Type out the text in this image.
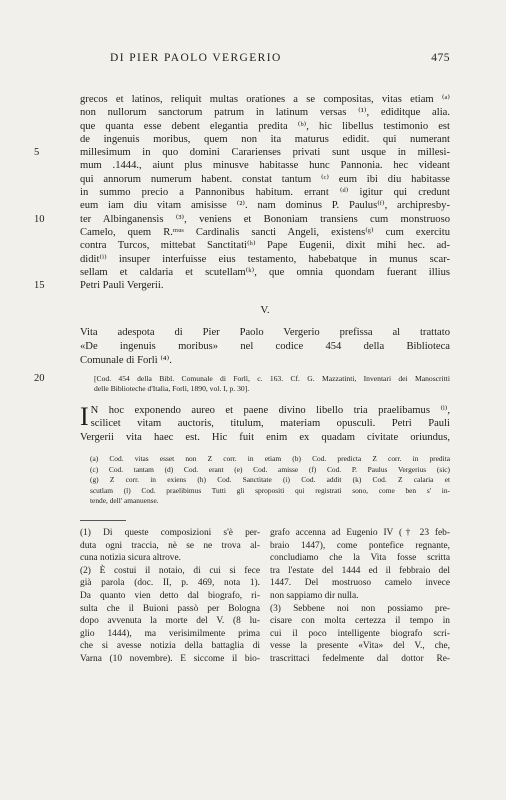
DI PIER PAOLO VERGERIO	475
grecos et latinos, reliquit multas orationes a se compositas, vitas etiam ⁽ᵃ⁾
non nullorum sanctorum patrum in latinum versas ⁽¹⁾, ediditque alia.
que quanta esse debent elegantia predita ⁽ᵇ⁾, hic libellus testimonio est
de ingenuis moribus, quem non ita maturus edidit. qui numerant
millesimum in quo domini Cararienses privati sunt usque in millesi-
5
mum .1444., aiunt plus minusve habitasse hunc Pannonia. hec videant
qui annorum numerum habent. constat tantum ⁽ᶜ⁾ eum ibi diu habitasse
in summo precio a Pannonibus habitum. errant ⁽ᵈ⁾ igitur qui credunt
eum iam diu vitam amisisse ⁽²⁾. nam dominus P. Paulus⁽ᶠ⁾, archipresby-
ter Albinganensis ⁽³⁾, veniens et Bononiam transiens cum monstruoso
10
Camelo, quem R.ᵐᵘˢ Cardinalis sancti Angeli, existens⁽ᵍ⁾ cum exercitu
contra Turcos, mittebat Sanctitati⁽ʰ⁾ Pape Eugenii, dixit mihi hec. ad-
didit⁽ⁱ⁾ insuper interfuisse eius testamento, habebatque in munus scar-
sellam et caldaria et scutellam⁽ᵏ⁾, que omnia quondam fuerant illius
Petri Pauli Vergerii.
15
V.
Vita adespota di Pier Paolo Vergerio prefissa al trattato
«De ingenuis moribus» nel codice 454 della Biblioteca
Comunale di Forlì ⁽⁴⁾.
[Cod. 454 della Bibl. Comunale di Forlì, c. 163. Cf. G. Mazzatinti, Inventari dei Manoscritti
20
delle Biblioteche d'Italia, Forlì, 1890, vol. I, p. 30].
I N hoc exponendo aureo et paene divino libello tria praelibamus ⁽ˡ⁾,
scilicet vitam auctoris, titulum, materiam opusculi. Petri Pauli
Vergerii vita haec est. Hic fuit enim ex quadam civitate oriundus,
(a) Cod. vitas esset non Z corr. in etiam (b) Cod. predicta Z corr. in predita
(c) Cod. tantam (d) Cod. erant (e) Cod. amisse (f) Cod. P. Paulus Vergerius (sic)
(g) Z corr. in exiens (h) Cod. Sanctitate (i) Cod. addit (k) Cod. Z calaria et
scutlam (l) Cod. praelibimus Tutti gli spropositi qui registrati sono, come ben s' in-
tende, dell' amanuense.
(1) Di queste composizioni s'è per-
duta ogni traccia, nè se ne trova al-
cuna notizia sicura altrove.
(2) È costui il notaio, di cui si fece
già parola (doc. II, p. 469, nota 1).
Da quanto vien detto dal biografo, ri-
sulta che il Buioni passò per Bologna
dopo avvenuta la morte del V. (8 lu-
glio 1444), ma verisimilmente prima
che si avesse notizia della battaglia di
Varna (10 novembre). E siccome il bio-
grafo accenna ad Eugenio IV († 23 feb-
braio 1447), come pontefice regnante,
concludiamo che la Vita fosse scritta
tra l'estate del 1444 ed il febbraio del
1447. Del mostruoso camelo invece
non sappiamo dir nulla.
(3) Sebbene noi non possiamo pre-
cisare con molta certezza il tempo in
cui il poco intelligente biografo scri-
vesse la presente «Vita» del V., che,
trascrittaci fedelmente dal dottor Re-
